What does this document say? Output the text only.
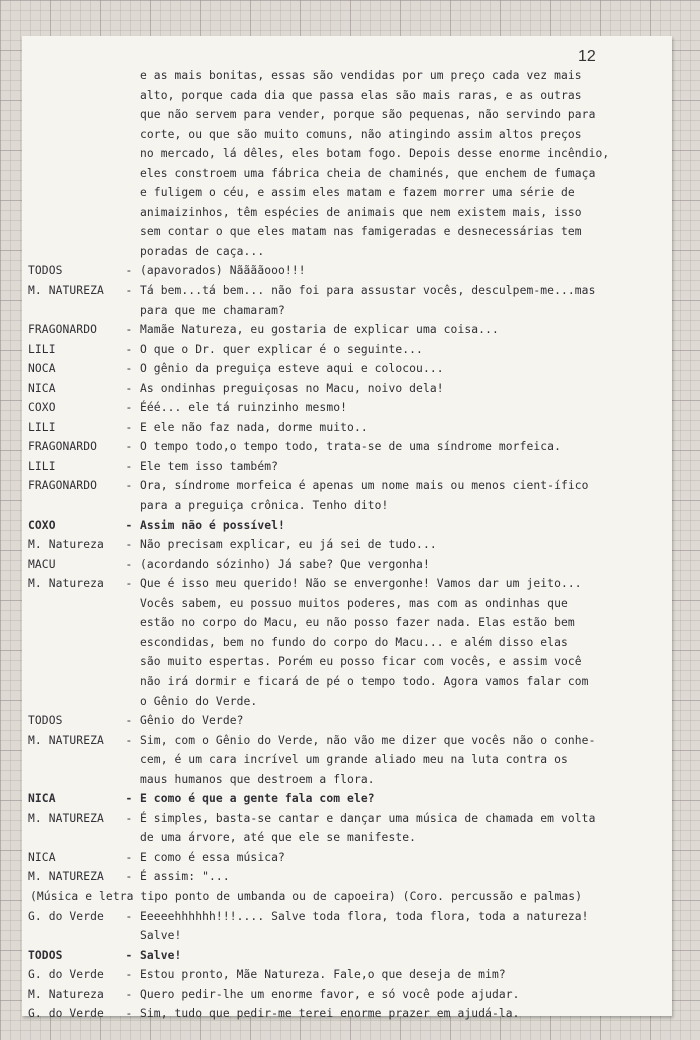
12
e as mais bonitas, essas são vendidas por um preço cada vez mais
alto, porque cada dia que passa elas são mais raras, e as outras
que não servem para vender, porque são pequenas, não servindo para
corte, ou que são muito comuns, não atingindo assim altos preços
no mercado, lá dêles, eles botam fogo. Depois desse enorme incêndio,
eles constroem uma fábrica cheia de chaminés, que enchem de fumaça
e fuligem o céu, e assim eles matam e fazem morrer uma série de
animaizinhos, têm espécies de animais que nem existem mais, isso
sem contar o que eles matam nas famigeradas e desnecessárias tem
poradas de caça...
TODOS	- (apavorados) Nããããooo!!!
M. NATUREZA	- Tá bem...tá bem... não foi para assustar vocês, desculpem-me...mas
para que me chamaram?
FRAGONARDO	- Mamãe Natureza, eu gostaria de explicar uma coisa...
LILI	- O que o Dr. quer explicar é o seguinte...
NOCA	- O gênio da preguiça esteve aqui e colocou...
NICA	- As ondinhas preguiçosas no Macu, noivo dela!
COXO	- Ééé... ele tá ruinzinho mesmo!
LILI	- E ele não faz nada, dorme muito..
FRAGONARDO	- O tempo todo,o tempo todo, trata-se de uma síndrome morfeica.
LILI	- Ele tem isso também?
FRAGONARDO	- Ora, síndrome morfeica é apenas um nome mais ou menos cient-ífico
para a preguiça crônica. Tenho dito!
COXO	- Assim não é possível!
M. Natureza	- Não precisam explicar, eu já sei de tudo...
MACU	- (acordando sózinho) Já sabe? Que vergonha!
M. Natureza	- Que é isso meu querido! Não se envergonhe! Vamos dar um jeito...
Vocês sabem, eu possuo muitos poderes, mas com as ondinhas que
estão no corpo do Macu, eu não posso fazer nada. Elas estão bem
escondidas, bem no fundo do corpo do Macu... e além disso elas
são muito espertas. Porém eu posso ficar com vocês, e assim você
não irá dormir e ficará de pé o tempo todo. Agora vamos falar com
o Gênio do Verde.
TODOS	- Gênio do Verde?
M. NATUREZA	- Sim, com o Gênio do Verde, não vão me dizer que vocês não o conhe-
cem, é um cara incrível um grande aliado meu na luta contra os
maus humanos que destroem a flora.
NICA	- E como é que a gente fala com ele?
M. NATUREZA	- É simples, basta-se cantar e dançar uma música de chamada em volta
de uma árvore, até que ele se manifeste.
NICA	- E como é essa música?
M. NATUREZA	- É assim: "...
(Música e letra tipo ponto de umbanda ou de capoeira) (Coro. percussão e palmas)
G. do Verde	- Eeeeehhhhhh!!!.... Salve toda flora, toda flora, toda a natureza!
Salve!
TODOS	- Salve!
G. do Verde	- Estou pronto, Mãe Natureza. Fale,o que deseja de mim?
M. Natureza	- Quero pedir-lhe um enorme favor, e só você pode ajudar.
G. do Verde	- Sim, tudo que pedir-me terei enorme prazer em ajudá-la.
